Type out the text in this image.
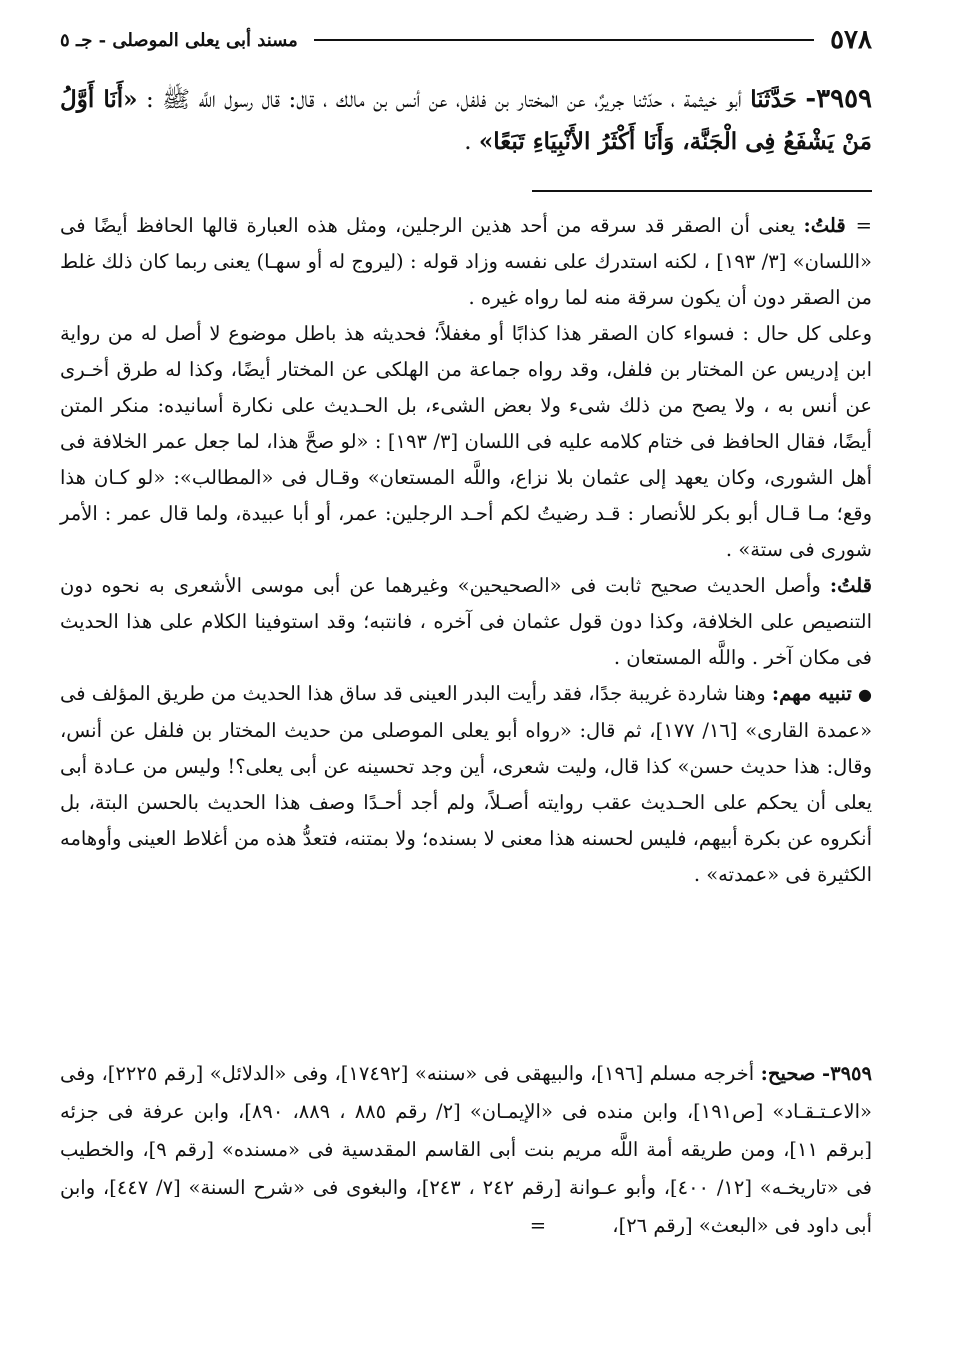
٥٧٨
مسند أبى يعلى الموصلى - جـ ٥
٣٩٥٩- حَدَّثَنَا أبو خيثمة ، حدّثنا جريرٌ، عن المختار بن فلفل، عن أنس بن مالك ، قال: قال رسول اللَّه ﷺ : «أَنَا أَوَّلُ مَنْ يَشْفَعُ فِى الْجَنَّة، وَأَنَا أَكْثَرُ الأَنْبِيَاءِ تَبَعًا» .

=قلتُ: يعنى أن الصقر قد سرقه من أحد هذين الرجلين، ومثل هذه العبارة قالها الحافظ أيضًا فى «اللسان» [٣/ ١٩٣] ، لكنه استدرك على نفسه وزاد قوله : (ليروج له أو سهـا) يعنى ربما كان ذلك غلط من الصقر دون أن يكون سرقة منه لما رواه غيره .

وعلى كل حال : فسواء كان الصقر هذا كذابًا أو مغفلاً؛ فحديثه هذ باطل موضوع لا أصل له من رواية ابن إدريس عن المختار بن فلفل، وقد رواه جماعة من الهلكى عن المختار أيضًا، وكذا له طرق أخـرى عن أنس به ، ولا يصح من ذلك شىء ولا بعض الشىء، بل الحـديث على نكارة أسانيده: منكر المتن أيضًا، فقال الحافظ فى ختام كلامه عليه فى اللسان [٣/ ١٩٣] : «لو صحَّ هذا، لما جعل عمر الخلافة فى أهل الشورى، وكان يعهد إلى عثمان بلا نزاع، واللَّه المستعان» وقـال فى «المطالب»: «لو كـان هذا وقع؛ مـا قـال أبو بكر للأنصار : قـد رضيتُ لكم أحـد الرجلين: عمر، أو أبا عبيدة، ولما قال عمر : الأمر شورى فى ستة» .

قلتُ: وأصل الحديث صحيح ثابت فى «الصحيحين» وغيرهما عن أبى موسى الأشعرى به نحوه دون التنصيص على الخلافة، وكذا دون قول عثمان فى آخره ، فانتبه؛ وقد استوفينا الكلام على هذا الحديث فى مكان آخر . واللَّه المستعان .

● تنبيه مهم: وهنا شاردة غريبة جدًا، فقد رأيت البدر العينى قد ساق هذا الحديث من طريق المؤلف فى «عمدة القارى» [١٦/ ١٧٧]، ثم قال: «رواه أبو يعلى الموصلى من حديث المختار بن فلفل عن أنس، وقال: هذا حديث حسن» كذا قال، وليت شعرى، أين وجد تحسينه عن أبى يعلى؟! وليس من عـادة أبى يعلى أن يحكم على الحـديث عقب روايته أصـلاً، ولم أجد أحـدًا وصف هذا الحديث بالحسن البتة، بل أنكروه عن بكرة أبيهم، فليس لحسنه هذا معنى لا بسنده؛ ولا بمتنه، فتعدُّ هذه من أغلاط العينى وأوهامه الكثيرة فى «عمدته» .

٣٩٥٩- صحيح: أخرجه مسلم [١٩٦]، والبيهقى فى «سننه» [١٧٤٩٢]، وفى «الدلائل» [رقم ٢٢٢٥]، وفى «الاعـتـقـاد» [ص١٩١]، وابن منده فى «الإيمـان» [٢/ رقم ٨٨٥ ، ٨٨٩، ٨٩٠]، وابن عرفة فى جزئه [برقم ١١]، ومن طريقه أمة اللَّه مريم بنت أبى القاسم المقدسية فى «مسنده» [رقم ٩]، والخطيب فى «تاريخـه» [١٢/ ٤٠٠]، وأبو عـوانة [رقم ٢٤٢ ، ٢٤٣]، والبغوى فى «شرح السنة» [٧/ ٤٤٧]، وابن أبى داود فى «البعث» [رقم ٢٦]، =
